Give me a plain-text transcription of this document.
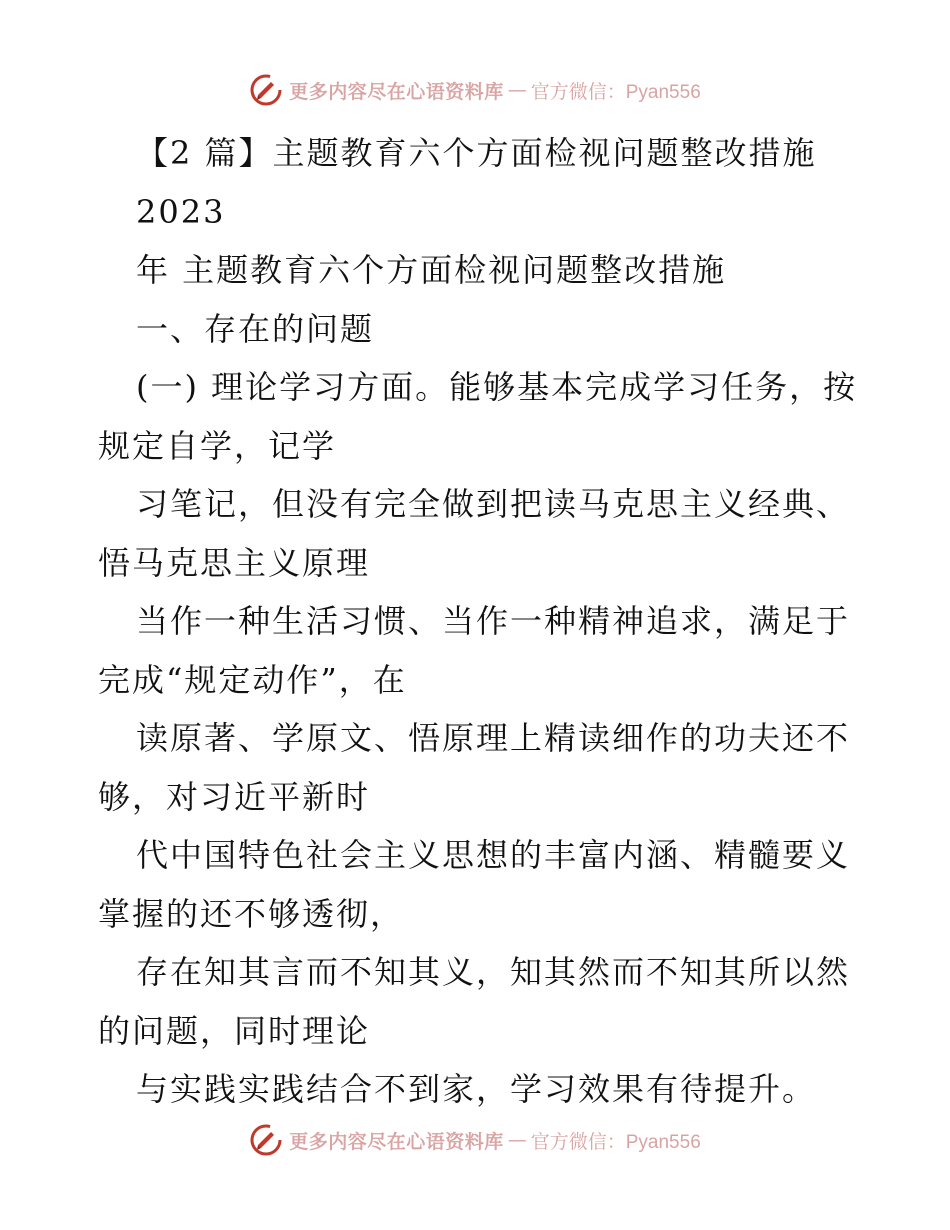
更多内容尽在心语资料库 — 官方微信：Pyan556
【2 篇】主题教育六个方面检视问题整改措施
2023
年 主题教育六个方面检视问题整改措施
一、存在的问题
(一) 理论学习方面。能够基本完成学习任务，按
规定自学，记学
习笔记，但没有完全做到把读马克思主义经典、
悟马克思主义原理
当作一种生活习惯、当作一种精神追求，满足于
完成“规定动作”，在
读原著、学原文、悟原理上精读细作的功夫还不
够，对习近平新时
代中国特色社会主义思想的丰富内涵、精髓要义
掌握的还不够透彻，
存在知其言而不知其义，知其然而不知其所以然
的问题，同时理论
与实践实践结合不到家，学习效果有待提升。
更多内容尽在心语资料库 — 官方微信：Pyan556
